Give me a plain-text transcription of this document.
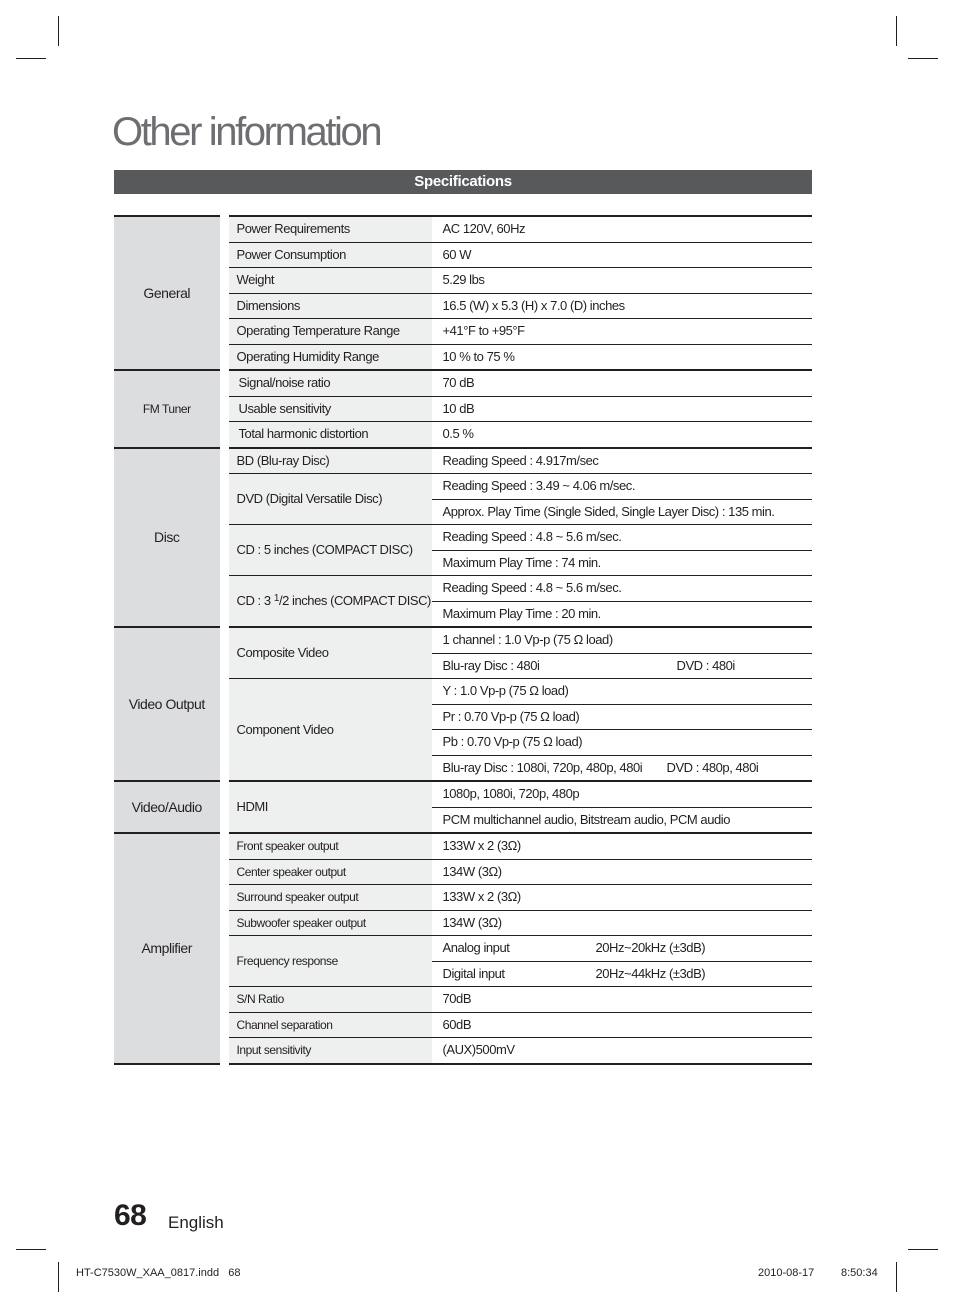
Other information
Specifications
General	Power Requirements	AC 120V, 60Hz
	Power Consumption	60 W
	Weight	5.29 lbs
	Dimensions	16.5 (W) x 5.3 (H) x 7.0 (D) inches
	Operating Temperature Range	+41°F to +95°F
	Operating Humidity Range	10 % to 75 %
FM Tuner	Signal/noise ratio	70 dB
	Usable sensitivity	10 dB
	Total harmonic distortion	0.5 %
Disc	BD (Blu-ray Disc)	Reading Speed : 4.917m/sec
	DVD (Digital Versatile Disc)	Reading Speed : 3.49 ~ 4.06 m/sec.
		Approx. Play Time (Single Sided, Single Layer Disc) : 135 min.
	CD : 5 inches (COMPACT DISC)	Reading Speed : 4.8 ~ 5.6 m/sec.
		Maximum Play Time : 74 min.
	CD : 3 $^1$/2 inches (COMPACT DISC)	Reading Speed : 4.8 ~ 5.6 m/sec.
		Maximum Play Time : 20 min.
Video Output	Composite Video	1 channel : 1.0 Vp-p (75 Ω load)
		Blu-ray Disc : 480i DVD : 480i
	Component Video	Y : 1.0 Vp-p (75 Ω load)
		Pr : 0.70 Vp-p (75 Ω load)
		Pb : 0.70 Vp-p (75 Ω load)
		Blu-ray Disc : 1080i, 720p, 480p, 480i DVD : 480p, 480i
Video/Audio	HDMI	1080p, 1080i, 720p, 480p
		PCM multichannel audio, Bitstream audio, PCM audio
Amplifier	Front speaker output	133W x 2 (3Ω)
	Center speaker output	134W (3Ω)
	Surround speaker output	133W x 2 (3Ω)
	Subwoofer speaker output	134W (3Ω)
	Frequency response	Analog input 20Hz~20kHz (±3dB)
		Digital input 20Hz~44kHz (±3dB)
	S/N Ratio	70dB
	Channel separation	60dB
	Input sensitivity	(AUX)500mV
68 English
HT-C7530W_XAA_0817.indd   68	2010-08-17 8:50:34
